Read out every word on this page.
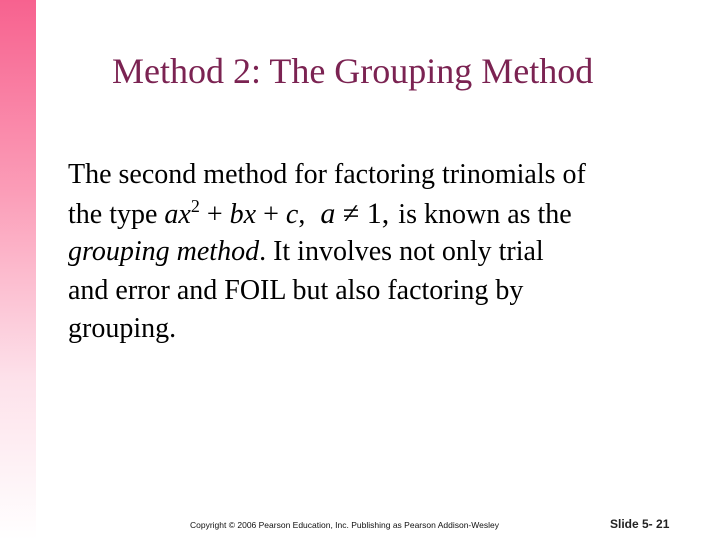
Method 2: The Grouping Method
The second method for factoring trinomials of
the type $ax^2$ + bx + c, a ≠ 1, is known as the
grouping method. It involves not only trial
and error and FOIL but also factoring by
grouping.
Copyright © 2006 Pearson Education, Inc. Publishing as Pearson Addison-Wesley	Slide 5- 21
